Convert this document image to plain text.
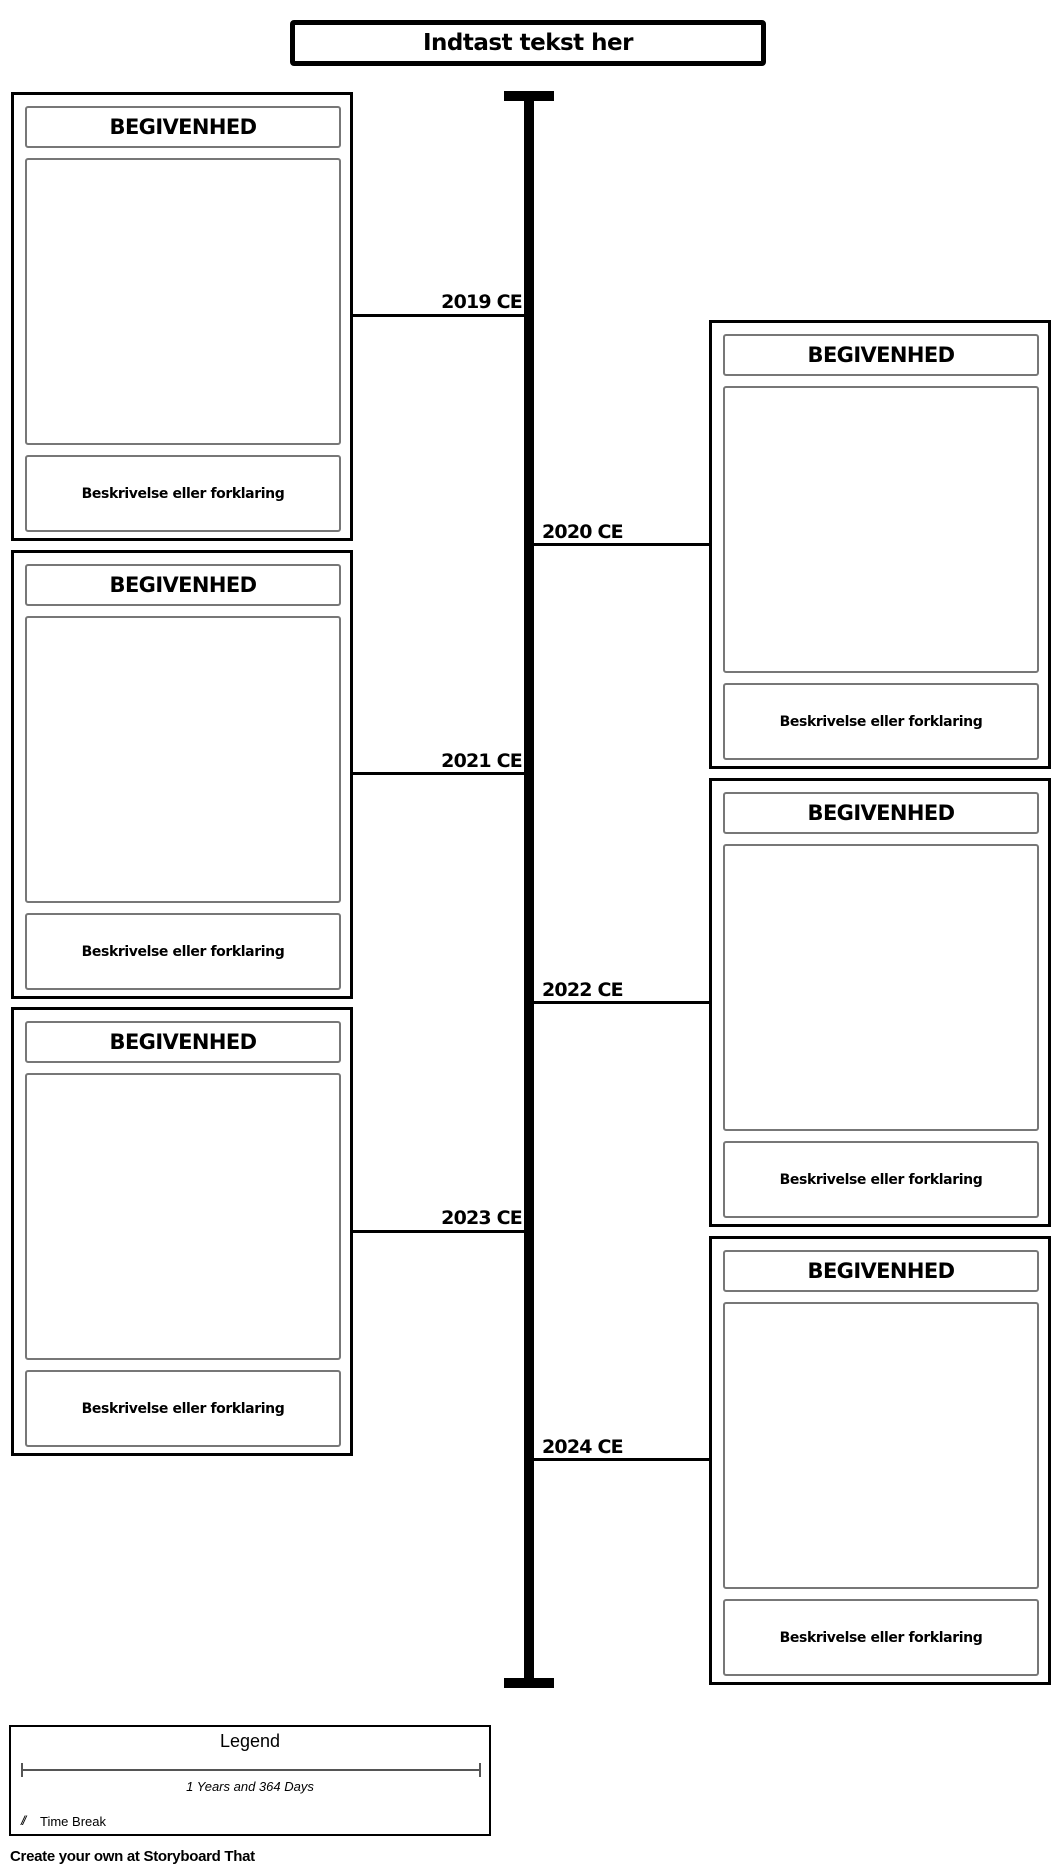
Indtast tekst her
2019 CE
BEGIVENHED
Beskrivelse eller forklaring
2020 CE
BEGIVENHED
Beskrivelse eller forklaring
2021 CE
BEGIVENHED
Beskrivelse eller forklaring
2022 CE
BEGIVENHED
Beskrivelse eller forklaring
2023 CE
BEGIVENHED
Beskrivelse eller forklaring
2024 CE
BEGIVENHED
Beskrivelse eller forklaring
Legend
1 Years and 364 Days
// Time Break
Create your own at Storyboard That
